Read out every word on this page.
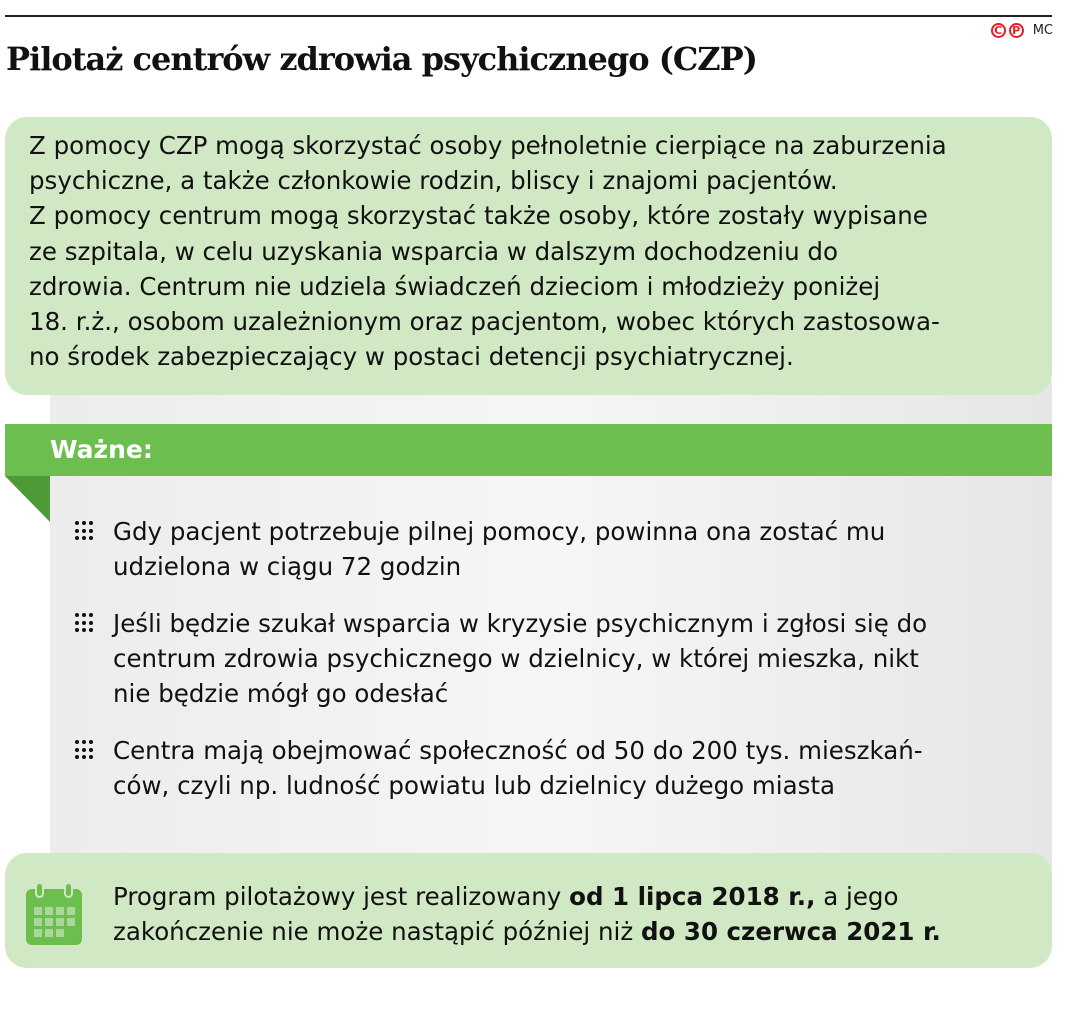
C P MC
Pilotaż centrów zdrowia psychicznego (CZP)
Z pomocy CZP mogą skorzystać osoby pełnoletnie cierpiące na zaburzenia
psychiczne, a także członkowie rodzin, bliscy i znajomi pacjentów.
Z pomocy centrum mogą skorzystać także osoby, które zostały wypisane
ze szpitala, w celu uzyskania wsparcia w dalszym dochodzeniu do
zdrowia. Centrum nie udziela świadczeń dzieciom i młodzieży poniżej
18. r.ż., osobom uzależnionym oraz pacjentom, wobec których zastosowa-
no środek zabezpieczający w postaci detencji psychiatrycznej.
Ważne:
Gdy pacjent potrzebuje pilnej pomocy, powinna ona zostać mu
udzielona w ciągu 72 godzin
Jeśli będzie szukał wsparcia w kryzysie psychicznym i zgłosi się do
centrum zdrowia psychicznego w dzielnicy, w której mieszka, nikt
nie będzie mógł go odesłać
Centra mają obejmować społeczność od 50 do 200 tys. mieszkań-
ców, czyli np. ludność powiatu lub dzielnicy dużego miasta
Program pilotażowy jest realizowany od 1 lipca 2018 r., a jego
zakończenie nie może nastąpić później niż do 30 czerwca 2021 r.
